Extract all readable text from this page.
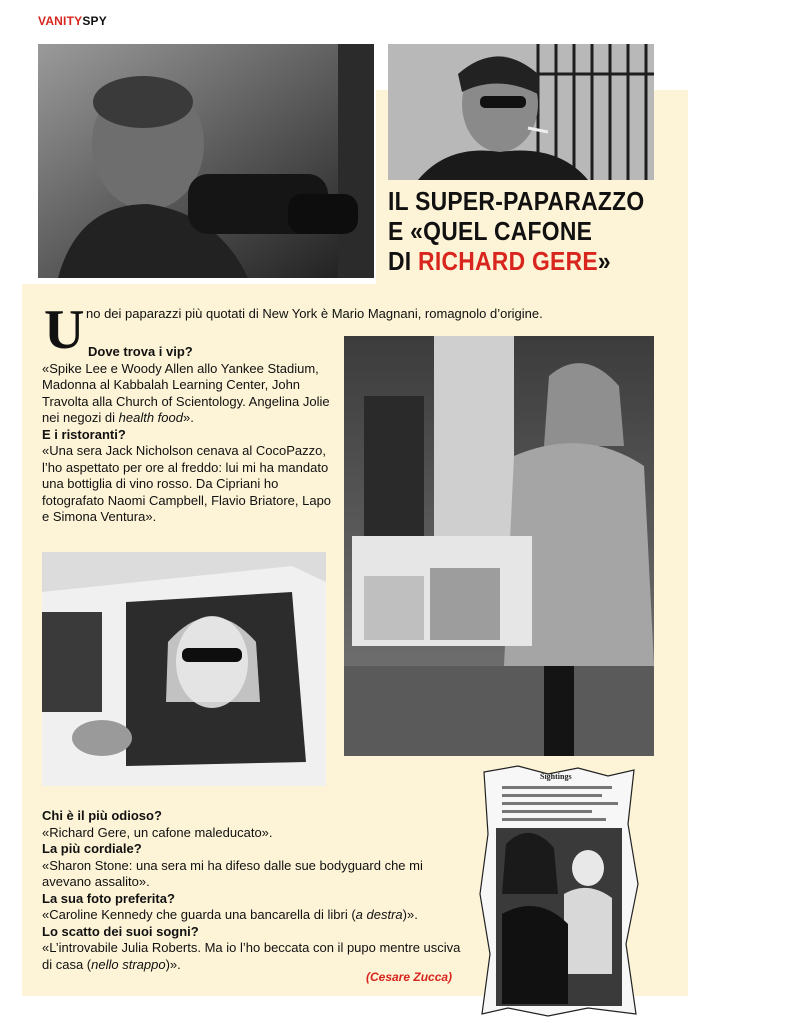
VANITYSPY
Sightings
IL SUPER-PAPARAZZO
E «QUEL CAFONE
DI RICHARD GERE»
U no dei paparazzi più quotati di New York è Mario Magnani, romagnolo d’origine.

Dove trova i vip?

«Spike Lee e Woody Allen allo Yankee Stadium, Madonna al Kabbalah Learning Center, John Travolta alla Church of Scientology. Angelina Jolie nei negozi di health food».

E i ristoranti?

«Una sera Jack Nicholson cenava al CocoPazzo, l’ho aspettato per ore al freddo: lui mi ha mandato una bottiglia di vino rosso. Da Cipriani ho fotografato Naomi Campbell, Flavio Briatore, Lapo e Simona Ventura».

Chi è il più odioso?

«Richard Gere, un cafone maleducato».

La più cordiale?

«Sharon Stone: una sera mi ha difeso dalle sue bodyguard che mi avevano assalito».

La sua foto preferita?

«Caroline Kennedy che guarda una bancarella di libri (a destra)».

Lo scatto dei suoi sogni?

«L’introvabile Julia Roberts. Ma io l’ho beccata con il pupo mentre usciva di casa (nello strappo)».

(Cesare Zucca)
